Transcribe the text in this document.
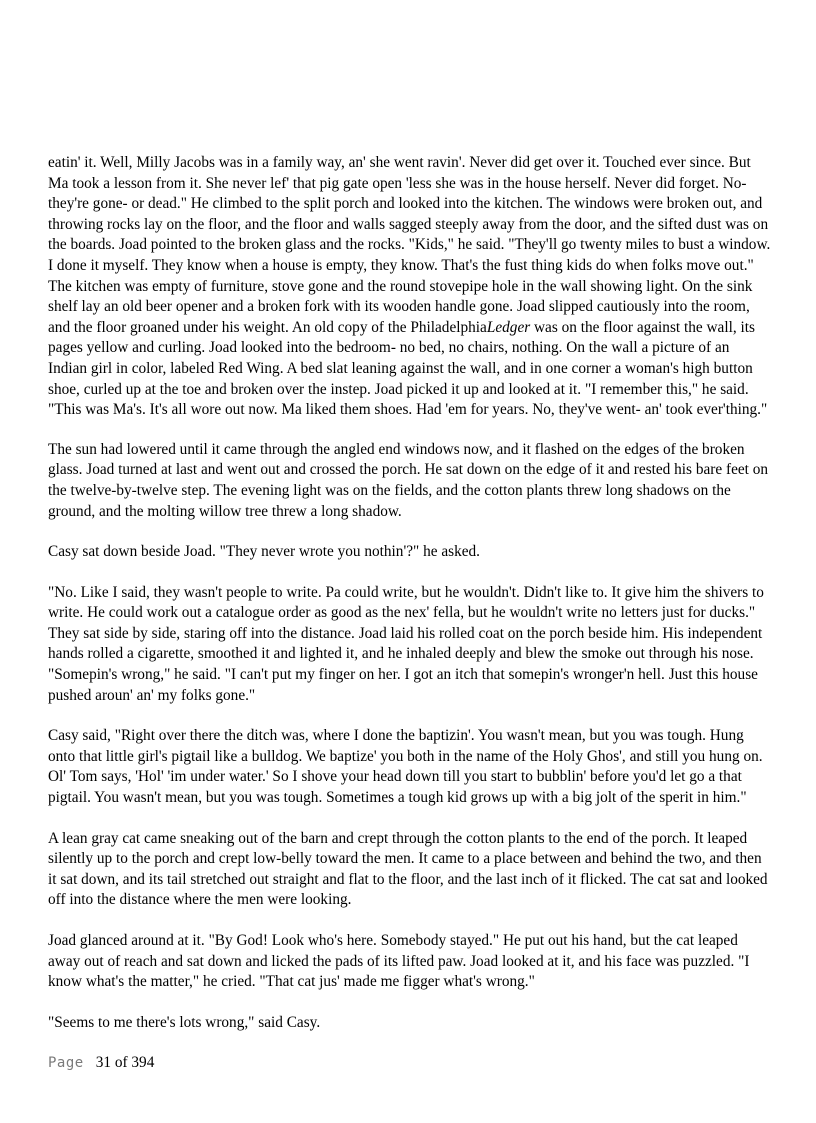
eatin' it. Well, Milly Jacobs was in a family way, an' she went ravin'. Never did get over it. Touched ever since. But Ma took a lesson from it. She never lef' that pig gate open 'less she was in the house herself. Never did forget. No- they're gone- or dead." He climbed to the split porch and looked into the kitchen. The windows were broken out, and throwing rocks lay on the floor, and the floor and walls sagged steeply away from the door, and the sifted dust was on the boards. Joad pointed to the broken glass and the rocks. "Kids," he said. "They'll go twenty miles to bust a window. I done it myself. They know when a house is empty, they know. That's the fust thing kids do when folks move out." The kitchen was empty of furniture, stove gone and the round stovepipe hole in the wall showing light. On the sink shelf lay an old beer opener and a broken fork with its wooden handle gone. Joad slipped cautiously into the room, and the floor groaned under his weight. An old copy of the PhiladelphiaLedger was on the floor against the wall, its pages yellow and curling. Joad looked into the bedroom- no bed, no chairs, nothing. On the wall a picture of an Indian girl in color, labeled Red Wing. A bed slat leaning against the wall, and in one corner a woman's high button shoe, curled up at the toe and broken over the instep. Joad picked it up and looked at it. "I remember this," he said. "This was Ma's. It's all wore out now. Ma liked them shoes. Had 'em for years. No, they've went- an' took ever'thing."

The sun had lowered until it came through the angled end windows now, and it flashed on the edges of the broken glass. Joad turned at last and went out and crossed the porch. He sat down on the edge of it and rested his bare feet on the twelve-by-twelve step. The evening light was on the fields, and the cotton plants threw long shadows on the ground, and the molting willow tree threw a long shadow.

Casy sat down beside Joad. "They never wrote you nothin'?" he asked.

"No. Like I said, they wasn't people to write. Pa could write, but he wouldn't. Didn't like to. It give him the shivers to write. He could work out a catalogue order as good as the nex' fella, but he wouldn't write no letters just for ducks." They sat side by side, staring off into the distance. Joad laid his rolled coat on the porch beside him. His independent hands rolled a cigarette, smoothed it and lighted it, and he inhaled deeply and blew the smoke out through his nose. "Somepin's wrong," he said. "I can't put my finger on her. I got an itch that somepin's wronger'n hell. Just this house pushed aroun' an' my folks gone."

Casy said, "Right over there the ditch was, where I done the baptizin'. You wasn't mean, but you was tough. Hung onto that little girl's pigtail like a bulldog. We baptize' you both in the name of the Holy Ghos', and still you hung on. Ol' Tom says, 'Hol' 'im under water.' So I shove your head down till you start to bubblin' before you'd let go a that pigtail. You wasn't mean, but you was tough. Sometimes a tough kid grows up with a big jolt of the sperit in him."

A lean gray cat came sneaking out of the barn and crept through the cotton plants to the end of the porch. It leaped silently up to the porch and crept low-belly toward the men. It came to a place between and behind the two, and then it sat down, and its tail stretched out straight and flat to the floor, and the last inch of it flicked. The cat sat and looked off into the distance where the men were looking.

Joad glanced around at it. "By God! Look who's here. Somebody stayed." He put out his hand, but the cat leaped away out of reach and sat down and licked the pads of its lifted paw. Joad looked at it, and his face was puzzled. "I know what's the matter," he cried. "That cat jus' made me figger what's wrong."

"Seems to me there's lots wrong," said Casy.

Page 31 of 394
